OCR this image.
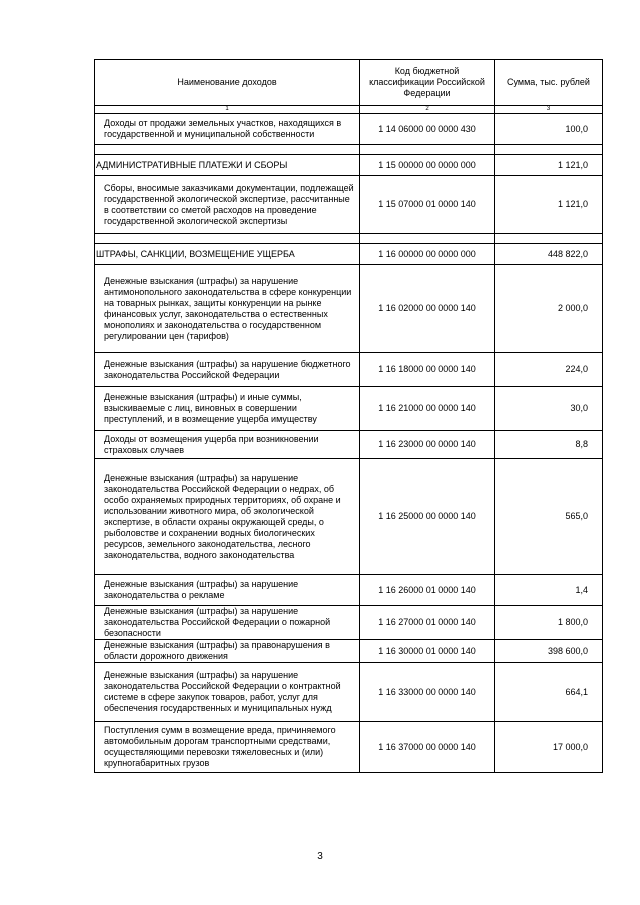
Наименование доходов	Код бюджетной классификации Российской Федерации	Сумма, тыс. рублей

1	2	3
Доходы от продажи земельных участков, находящихся в государственной и муниципальной собственности	1 14 06000 00 0000 430	100,0

АДМИНИСТРАТИВНЫЕ ПЛАТЕЖИ И СБОРЫ	1 15 00000 00 0000 000	1 121,0
Сборы, вносимые заказчиками документации, подлежащей государственной экологической экспертизе, рассчитанные в соответствии со сметой расходов на проведение государственной экологической экспертизы	1 15 07000 01 0000 140	1 121,0

ШТРАФЫ, САНКЦИИ, ВОЗМЕЩЕНИЕ УЩЕРБА	1 16 00000 00 0000 000	448 822,0
Денежные взыскания (штрафы) за нарушение антимонопольного законодательства в сфере конкуренции на товарных рынках, защиты конкуренции на рынке финансовых услуг, законодательства о естественных монополиях и законодательства о государственном регулировании цен (тарифов)	1 16 02000 00 0000 140	2 000,0
Денежные взыскания (штрафы) за нарушение бюджетного законодательства Российской Федерации	1 16 18000 00 0000 140	224,0
Денежные взыскания (штрафы) и иные суммы, взыскиваемые с лиц, виновных в совершении преступлений, и в возмещение ущерба имуществу	1 16 21000 00 0000 140	30,0
Доходы от возмещения ущерба при возникновении страховых случаев	1 16 23000 00 0000 140	8,8
Денежные взыскания (штрафы) за нарушение законодательства Российской Федерации о недрах, об особо охраняемых природных территориях, об охране и использовании животного мира, об экологической экспертизе, в области охраны окружающей среды, о рыболовстве и сохранении водных биологических ресурсов, земельного законодательства, лесного законодательства, водного законодательства	1 16 25000 00 0000 140	565,0
Денежные взыскания (штрафы) за нарушение законодательства о рекламе	1 16 26000 01 0000 140	1,4
Денежные взыскания (штрафы) за нарушение законодательства Российской Федерации о пожарной безопасности	1 16 27000 01 0000 140	1 800,0
Денежные взыскания (штрафы) за правонарушения в области дорожного движения	1 16 30000 01 0000 140	398 600,0
Денежные взыскания (штрафы) за нарушение законодательства Российской Федерации о контрактной системе в сфере закупок товаров, работ, услуг для обеспечения государственных и муниципальных нужд	1 16 33000 00 0000 140	664,1
Поступления сумм в возмещение вреда, причиняемого автомобильным дорогам транспортными средствами, осуществляющими перевозки тяжеловесных и (или) крупногабаритных грузов	1 16 37000 00 0000 140	17 000,0
3
